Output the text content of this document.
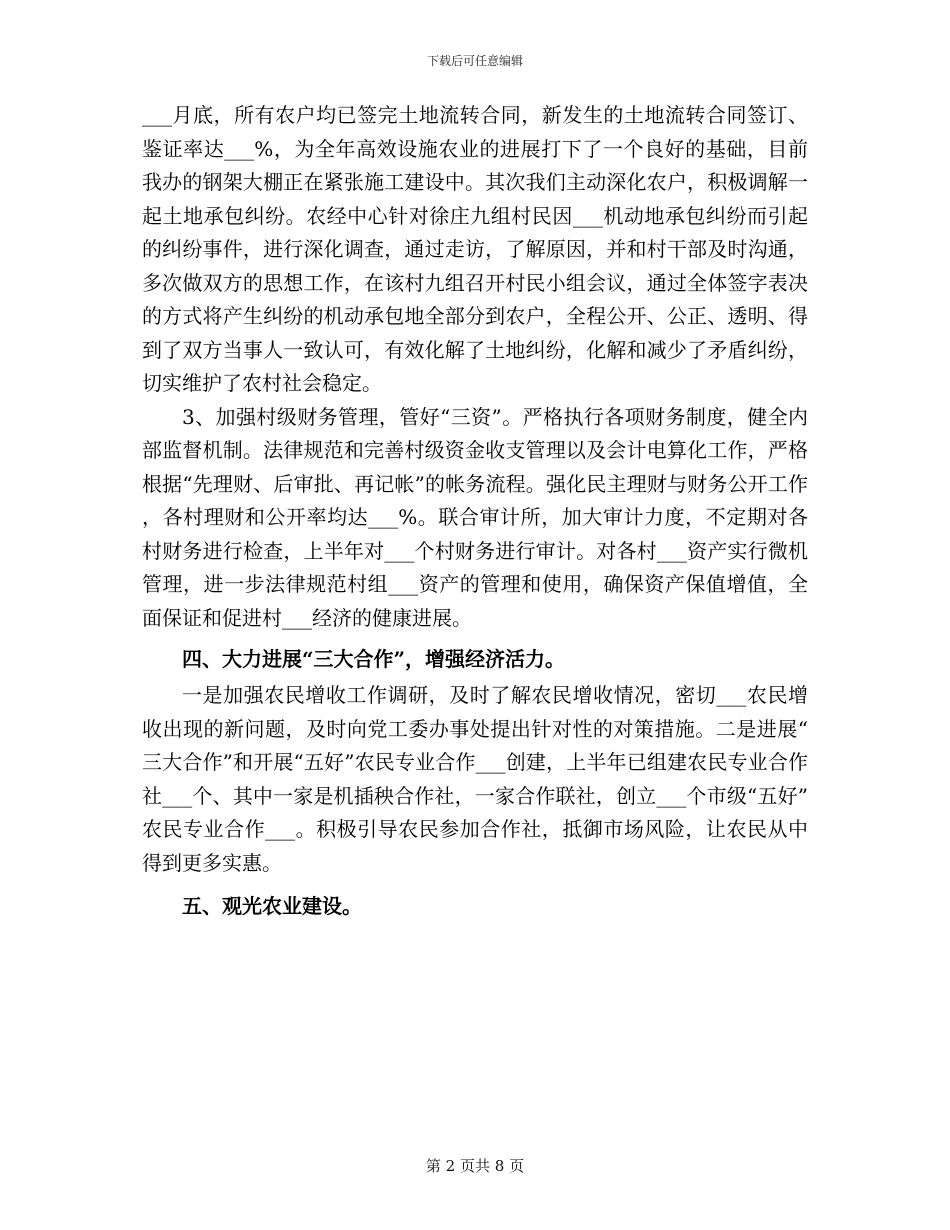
下载后可任意编辑

___月底，所有农户均已签完土地流转合同，新发生的土地流转合同签订、鉴证率达___%，为全年高效设施农业的进展打下了一个良好的基础，目前我办的钢架大棚正在紧张施工建设中。其次我们主动深化农户，积极调解一起土地承包纠纷。农经中心针对徐庄九组村民因___机动地承包纠纷而引起的纠纷事件，进行深化调查，通过走访，了解原因，并和村干部及时沟通，多次做双方的思想工作，在该村九组召开村民小组会议，通过全体签字表决的方式将产生纠纷的机动承包地全部分到农户，全程公开、公正、透明、得到了双方当事人一致认可，有效化解了土地纠纷，化解和减少了矛盾纠纷，切实维护了农村社会稳定。

3、加强村级财务管理，管好“三资”。严格执行各项财务制度，健全内部监督机制。法律规范和完善村级资金收支管理以及会计电算化工作，严格根据“先理财、后审批、再记帐”的帐务流程。强化民主理财与财务公开工作，各村理财和公开率均达___%。联合审计所，加大审计力度，不定期对各村财务进行检查，上半年对___个村财务进行审计。对各村___资产实行微机管理，进一步法律规范村组___资产的管理和使用，确保资产保值增值，全面保证和促进村___经济的健康进展。

四、大力进展“三大合作”，增强经济活力。

一是加强农民增收工作调研，及时了解农民增收情况，密切___农民增收出现的新问题，及时向党工委办事处提出针对性的对策措施。二是进展“三大合作”和开展“五好”农民专业合作___创建，上半年已组建农民专业合作社___个、其中一家是机插秧合作社，一家合作联社，创立___个市级“五好”农民专业合作___。积极引导农民参加合作社，抵御市场风险，让农民从中得到更多实惠。

五、观光农业建设。

第 2 页共 8 页
